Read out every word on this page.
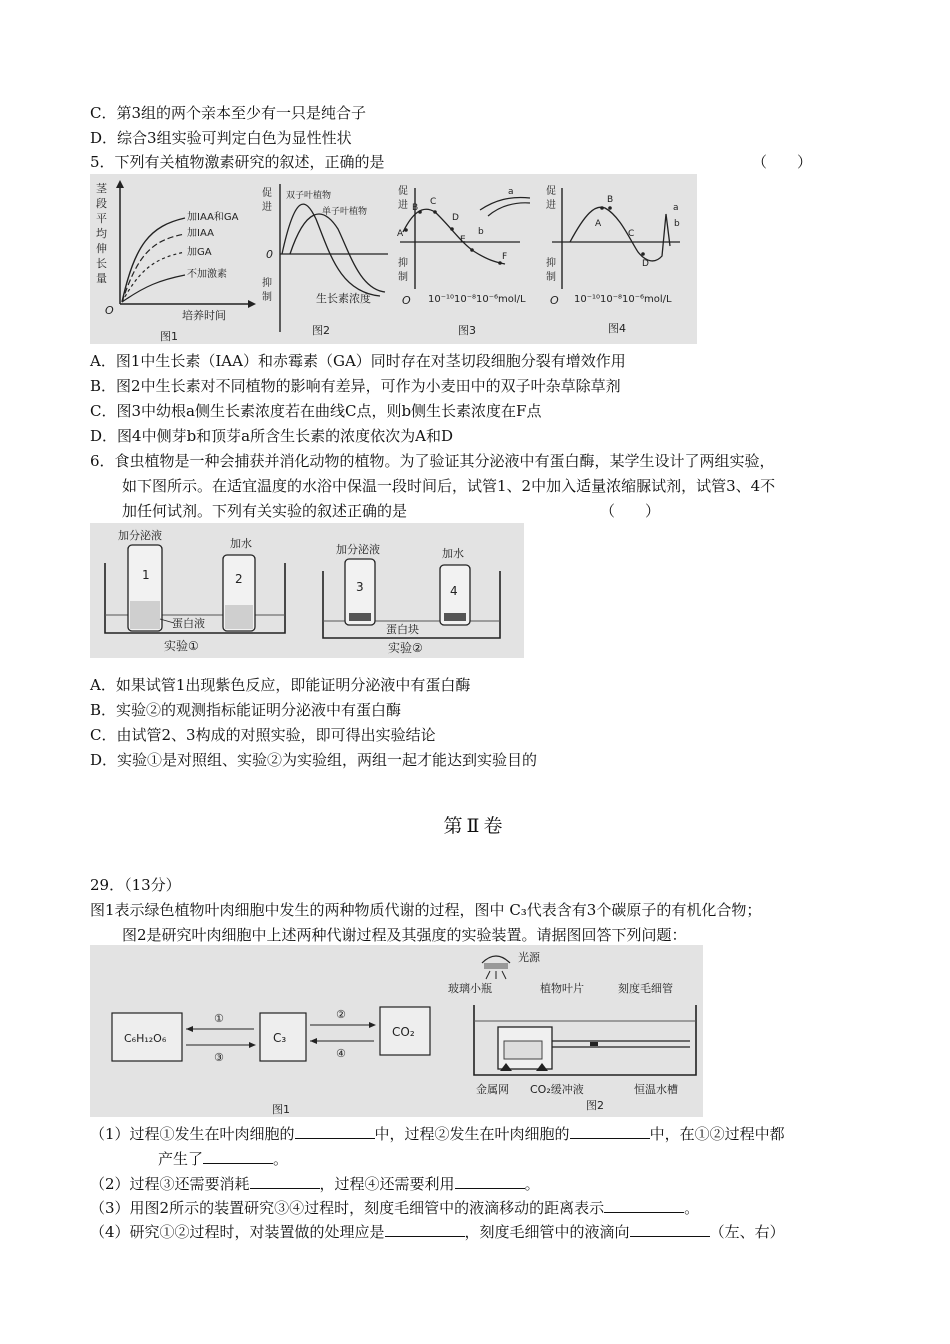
C．第3组的两个亲本至少有一只是纯合子
D．综合3组实验可判定白色为显性性状
5．下列有关植物激素研究的叙述，正确的是	（　　）
加IAA和GA
加IAA
加GA
不加激素
O	培养时间
图1
茎段平均伸长量
促
进
双子叶植物
单子叶植物
0
抑
制	生长素浓度
图2
A
B
C
D
E
F
a
b
促
进
抑
制
O 10⁻¹⁰10⁻⁸10⁻⁶mol/L
图3
A
B
C
D
a
b
促
进
抑
制
O 10⁻¹⁰10⁻⁸10⁻⁶mol/L
图4
A．图1中生长素（IAA）和赤霉素（GA）同时存在对茎切段细胞分裂有增效作用
B．图2中生长素对不同植物的影响有差异，可作为小麦田中的双子叶杂草除草剂
C．图3中幼根a侧生长素浓度若在曲线C点，则b侧生长素浓度在F点
D．图4中侧芽b和顶芽a所含生长素的浓度依次为A和D
6．食虫植物是一种会捕获并消化动物的植物。为了验证其分泌液中有蛋白酶，某学生设计了两组实验，
如下图所示。在适宜温度的水浴中保温一段时间后，试管1、2中加入适量浓缩脲试剂，试管3、4不
加任何试剂。下列有关实验的叙述正确的是	（　　）
1	2
加分泌液
加水
蛋白液
实验①
3	4
加分泌液	加水
蛋白块
实验②
A．如果试管1出现紫色反应，即能证明分泌液中有蛋白酶
B．实验②的观测指标能证明分泌液中有蛋白酶
C．由试管2、3构成的对照实验，即可得出实验结论
D．实验①是对照组、实验②为实验组，两组一起才能达到实验目的
第Ⅱ卷
29．（13分）
图1表示绿色植物叶肉细胞中发生的两种物质代谢的过程，图中 C₃代表含有3个碳原子的有机化合物；
图2是研究叶肉细胞中上述两种代谢过程及其强度的实验装置。请据图回答下列问题：
C₆H₁₂O₆	C₃	CO₂
①
③
②
④
图1
光源
玻璃小瓶	植物叶片	刻度毛细管
金属网 CO₂缓冲液	恒温水槽
图2
（1）过程①发生在叶肉细胞的	中，过程②发生在叶肉细胞的	中，在①②过程中都
产生了	。
（2）过程③还需要消耗	，过程④还需要利用	。
（3）用图2所示的装置研究③④过程时，刻度毛细管中的液滴移动的距离表示	。
（4）研究①②过程时，对装置做的处理应是	，刻度毛细管中的液滴向	（左、右）
